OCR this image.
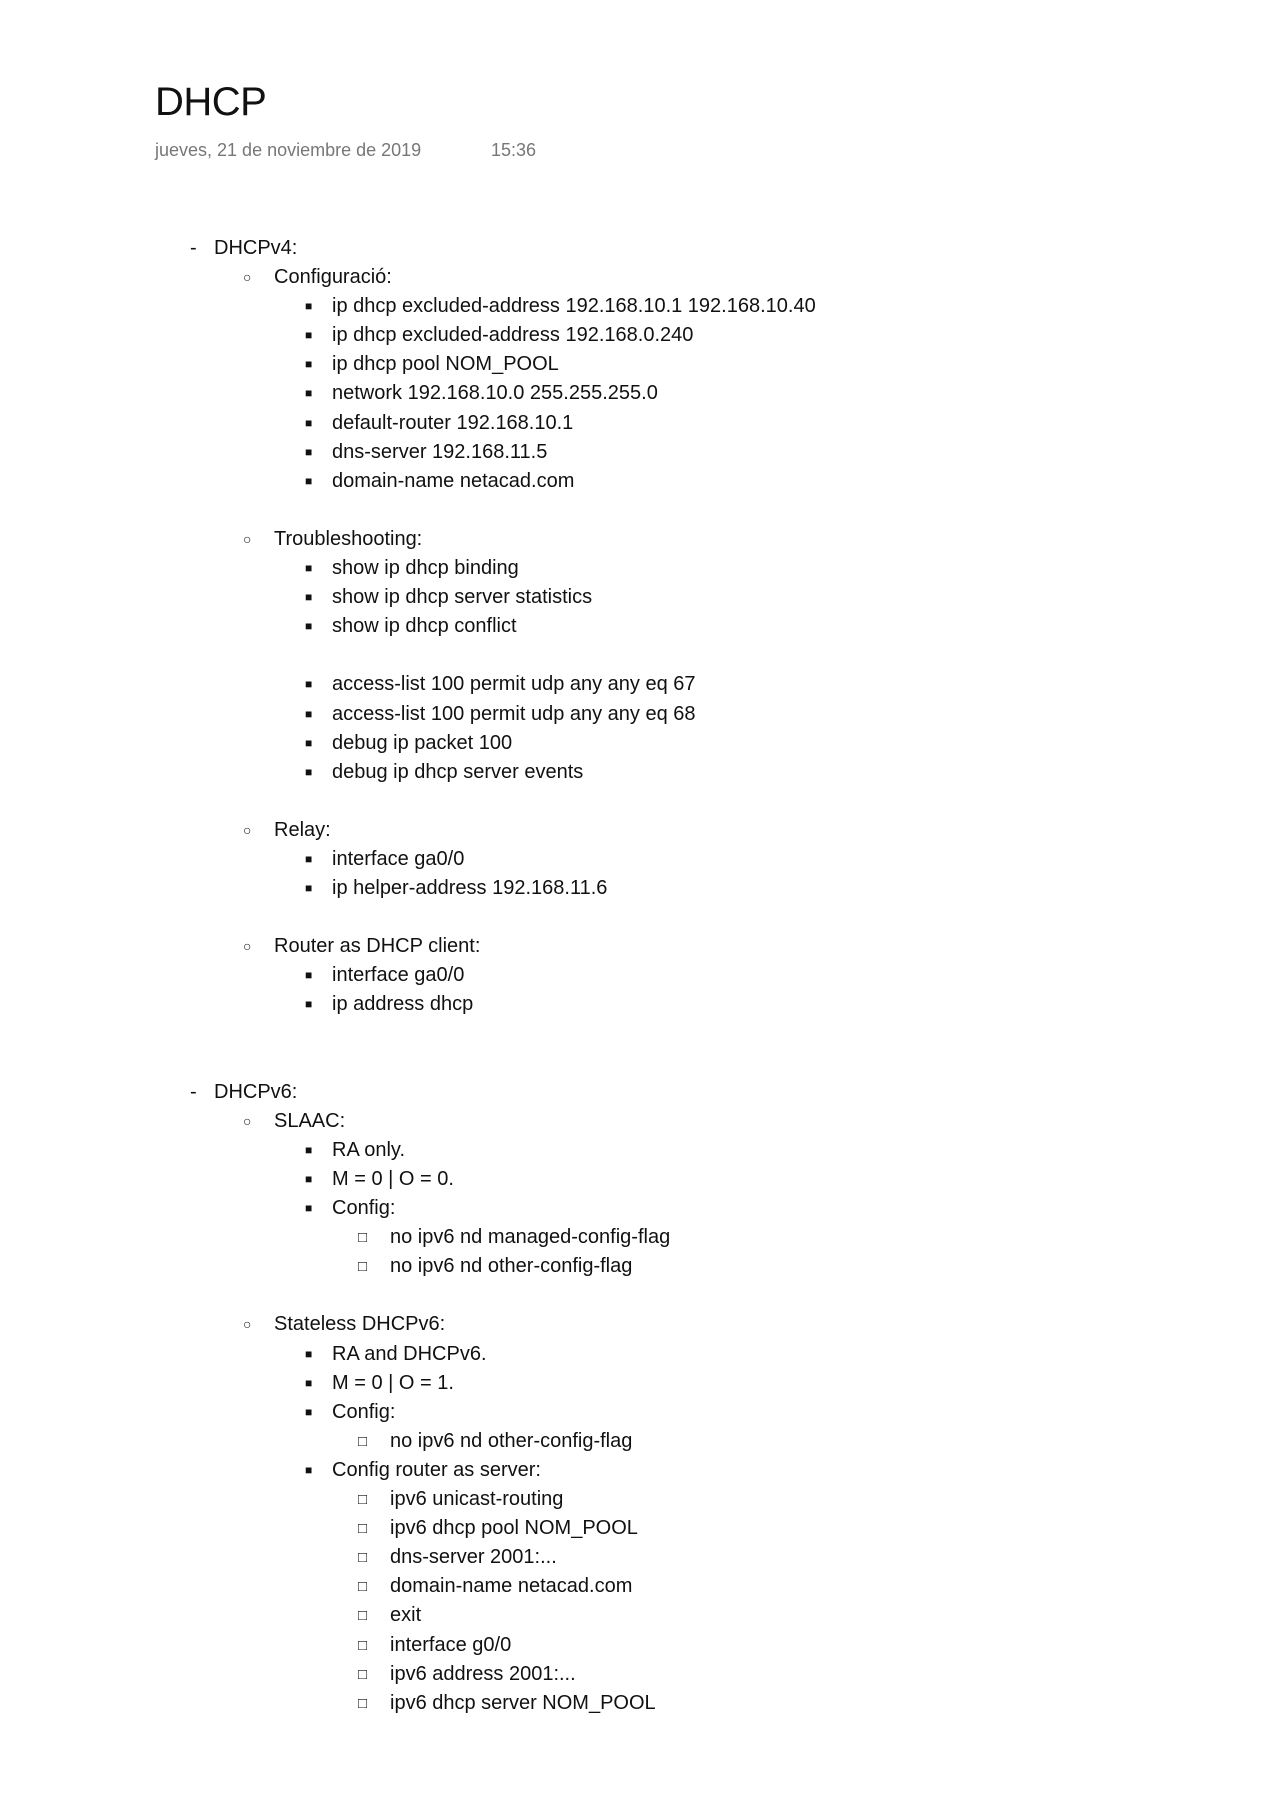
DHCP
jueves, 21 de noviembre de 2019	15:36
- DHCPv4:
○ Configuració:
■ ip dhcp excluded-address 192.168.10.1 192.168.10.40
■ ip dhcp excluded-address 192.168.0.240
■ ip dhcp pool NOM_POOL
■ network 192.168.10.0 255.255.255.0
■ default-router 192.168.10.1
■ dns-server 192.168.11.5
■ domain-name netacad.com
○ Troubleshooting:
■ show ip dhcp binding
■ show ip dhcp server statistics
■ show ip dhcp conflict
■ access-list 100 permit udp any any eq 67
■ access-list 100 permit udp any any eq 68
■ debug ip packet 100
■ debug ip dhcp server events
○ Relay:
■ interface ga0/0
■ ip helper-address 192.168.11.6
○ Router as DHCP client:
■ interface ga0/0
■ ip address dhcp
- DHCPv6:
○ SLAAC:
■ RA only.
■ M = 0 | O = 0.
■ Config:
□ no ipv6 nd managed-config-flag
□ no ipv6 nd other-config-flag
○ Stateless DHCPv6:
■ RA and DHCPv6.
■ M = 0 | O = 1.
■ Config:
□ no ipv6 nd other-config-flag
■ Config router as server:
□ ipv6 unicast-routing
□ ipv6 dhcp pool NOM_POOL
□ dns-server 2001:...
□ domain-name netacad.com
□ exit
□ interface g0/0
□ ipv6 address 2001:...
□ ipv6 dhcp server NOM_POOL
